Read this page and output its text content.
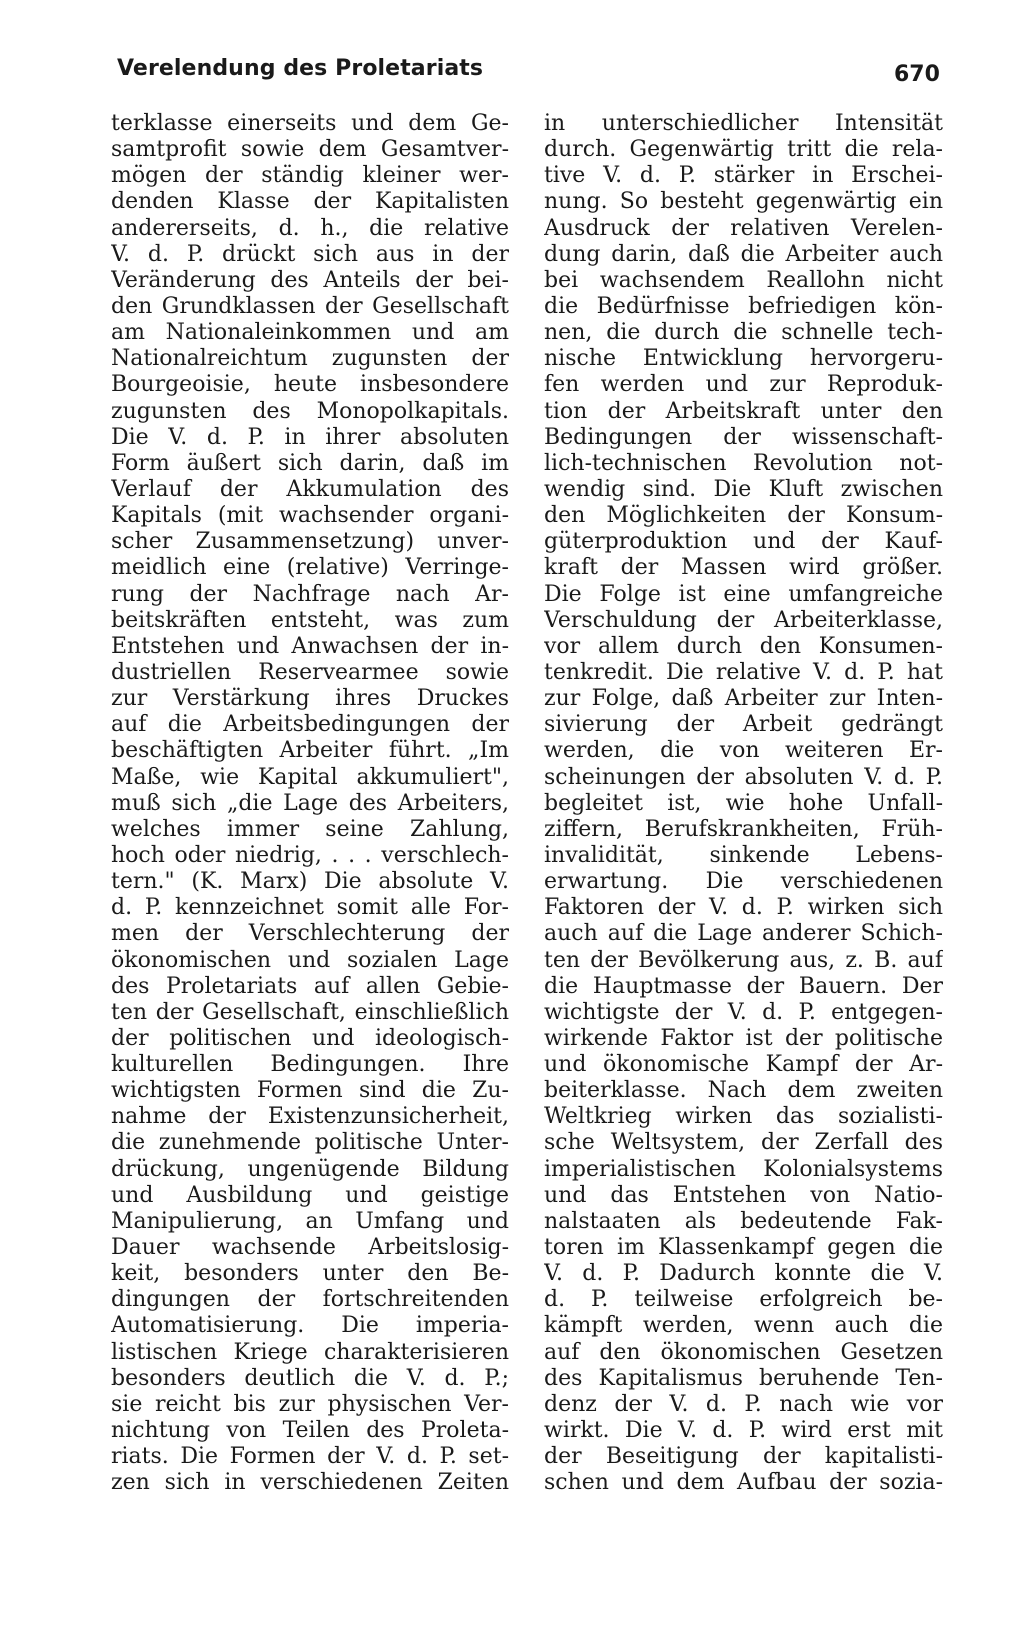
Verelendung des Proletariats	670
terklasse einerseits und dem Ge-
samtprofit sowie dem Gesamtver-
mögen der ständig kleiner wer-
denden Klasse der Kapitalisten
andererseits, d. h., die relative
V. d. P. drückt sich aus in der
Veränderung des Anteils der bei-
den Grundklassen der Gesellschaft
am Nationaleinkommen und am
Nationalreichtum zugunsten der
Bourgeoisie, heute insbesondere
zugunsten des Monopolkapitals.
Die V. d. P. in ihrer absoluten
Form äußert sich darin, daß im
Verlauf der Akkumulation des
Kapitals (mit wachsender organi-
scher Zusammensetzung) unver-
meidlich eine (relative) Verringe-
rung der Nachfrage nach Ar-
beitskräften entsteht, was zum
Entstehen und Anwachsen der in-
dustriellen Reservearmee sowie
zur Verstärkung ihres Druckes
auf die Arbeitsbedingungen der
beschäftigten Arbeiter führt. „Im
Maße, wie Kapital akkumuliert",
muß sich „die Lage des Arbeiters,
welches immer seine Zahlung,
hoch oder niedrig, . . . verschlech-
tern." (K. Marx) Die absolute V.
d. P. kennzeichnet somit alle For-
men der Verschlechterung der
ökonomischen und sozialen Lage
des Proletariats auf allen Gebie-
ten der Gesellschaft, einschließlich
der politischen und ideologisch-
kulturellen Bedingungen. Ihre
wichtigsten Formen sind die Zu-
nahme der Existenzunsicherheit,
die zunehmende politische Unter-
drückung, ungenügende Bildung
und Ausbildung und geistige
Manipulierung, an Umfang und
Dauer wachsende Arbeitslosig-
keit, besonders unter den Be-
dingungen der fortschreitenden
Automatisierung. Die imperia-
listischen Kriege charakterisieren
besonders deutlich die V. d. P.;
sie reicht bis zur physischen Ver-
nichtung von Teilen des Proleta-
riats. Die Formen der V. d. P. set-
zen sich in verschiedenen Zeiten
in unterschiedlicher Intensität
durch. Gegenwärtig tritt die rela-
tive V. d. P. stärker in Erschei-
nung. So besteht gegenwärtig ein
Ausdruck der relativen Verelen-
dung darin, daß die Arbeiter auch
bei wachsendem Reallohn nicht
die Bedürfnisse befriedigen kön-
nen, die durch die schnelle tech-
nische Entwicklung hervorgeru-
fen werden und zur Reproduk-
tion der Arbeitskraft unter den
Bedingungen der wissenschaft-
lich-technischen Revolution not-
wendig sind. Die Kluft zwischen
den Möglichkeiten der Konsum-
güterproduktion und der Kauf-
kraft der Massen wird größer.
Die Folge ist eine umfangreiche
Verschuldung der Arbeiterklasse,
vor allem durch den Konsumen-
tenkredit. Die relative V. d. P. hat
zur Folge, daß Arbeiter zur Inten-
sivierung der Arbeit gedrängt
werden, die von weiteren Er-
scheinungen der absoluten V. d. P.
begleitet ist, wie hohe Unfall-
ziffern, Berufskrankheiten, Früh-
invalidität, sinkende Lebens-
erwartung. Die verschiedenen
Faktoren der V. d. P. wirken sich
auch auf die Lage anderer Schich-
ten der Bevölkerung aus, z. B. auf
die Hauptmasse der Bauern. Der
wichtigste der V. d. P. entgegen-
wirkende Faktor ist der politische
und ökonomische Kampf der Ar-
beiterklasse. Nach dem zweiten
Weltkrieg wirken das sozialisti-
sche Weltsystem, der Zerfall des
imperialistischen Kolonialsystems
und das Entstehen von Natio-
nalstaaten als bedeutende Fak-
toren im Klassenkampf gegen die
V. d. P. Dadurch konnte die V.
d. P. teilweise erfolgreich be-
kämpft werden, wenn auch die
auf den ökonomischen Gesetzen
des Kapitalismus beruhende Ten-
denz der V. d. P. nach wie vor
wirkt. Die V. d. P. wird erst mit
der Beseitigung der kapitalisti-
schen und dem Aufbau der sozia-
